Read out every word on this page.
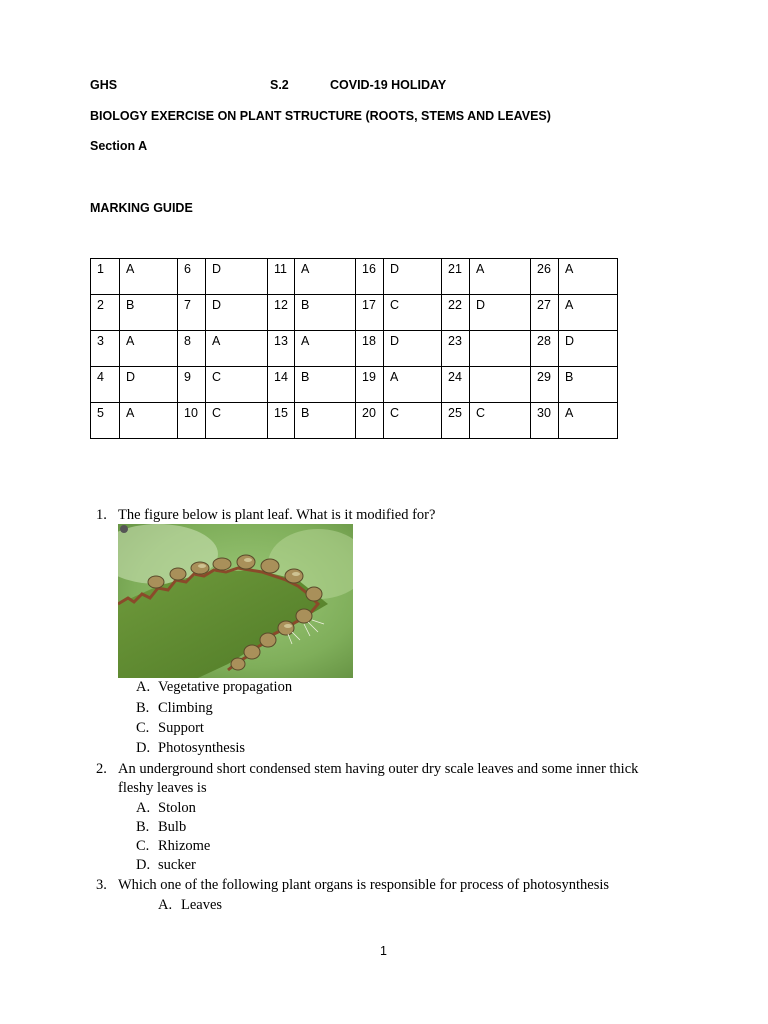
GHS	S.2	COVID-19 HOLIDAY
BIOLOGY EXERCISE ON PLANT STRUCTURE (ROOTS, STEMS AND LEAVES)
Section A
MARKING GUIDE
1	A	6	D	11	A	16	D	21	A	26	A
2	B	7	D	12	B	17	C	22	D	27	A
3	A	8	A	13	A	18	D	23		28	D
4	D	9	C	14	B	19	A	24		29	B
5	A	10	C	15	B	20	C	25	C	30	A
1. The figure below is plant leaf. What is it modified for?
A. Vegetative propagation
B. Climbing
C. Support
D. Photosynthesis
2. An underground short condensed stem having outer dry scale leaves and some inner thick
fleshy leaves is
A. Stolon
B. Bulb
C. Rhizome
D. sucker
3. Which one of the following plant organs is responsible for process of photosynthesis
A. Leaves
1
